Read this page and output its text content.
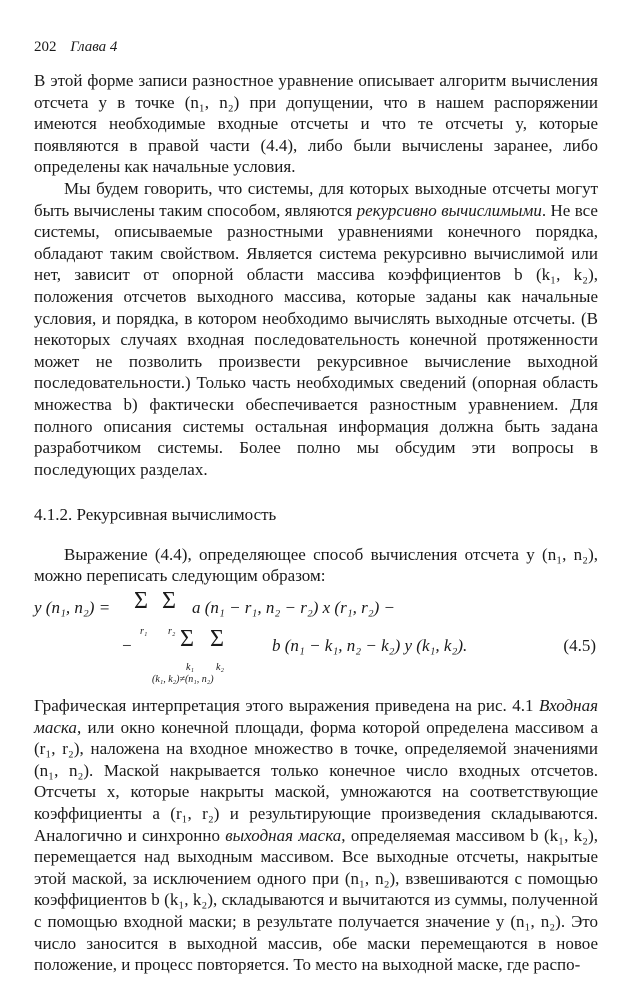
202 Глава 4

В этой форме записи разностное уравнение описывает алгоритм вычисления отсчета y в точке (n₁, n₂) при допущении, что в нашем распоряжении имеются необходимые входные отсчеты и что те отсчеты y, которые появляются в правой части (4.4), либо были вычислены заранее, либо определены как начальные условия.

Мы будем говорить, что системы, для которых выходные отсчеты могут быть вычислены таким способом, являются рекурсивно вычислимыми. Не все системы, описываемые разностными уравнениями конечного порядка, обладают таким свойством. Является система рекурсивно вычислимой или нет, зависит от опорной области массива коэффициентов b (k₁, k₂), положения отсчетов выходного массива, которые заданы как начальные условия, и порядка, в котором необходимо вычислять выходные отсчеты. (В некоторых случаях входная последовательность конечной протяженности может не позволить произвести рекурсивное вычисление выходной последовательности.) Только часть необходимых сведений (опорная область множества b) фактически обеспечивается разностным уравнением. Для полного описания системы остальная информация должна быть задана разработчиком системы. Более полно мы обсудим эти вопросы в последующих разделах.

4.1.2. Рекурсивная вычислимость

Выражение (4.4), определяющее способ вычисления отсчета y (n₁, n₂), можно переписать следующим образом:

y (n₁, n₂) = Σ
r₁
Σ
r₂
a (n₁ − r₁, n₂ − r₂) x (r₁, r₂) −
− Σ
k₁
Σ
k₂
(k₁, k₂)≠(n₁, n₂)
b (n₁ − k₁, n₂ − k₂) y (k₁, k₂).	(4.5)

Графическая интерпретация этого выражения приведена на рис. 4.1 Входная маска, или окно конечной площади, форма которой определена массивом a (r₁, r₂), наложена на входное множество в точке, определяемой значениями (n₁, n₂). Маской накрывается только конечное число входных отсчетов. Отсчеты x, которые накрыты маской, умножаются на соответствующие коэффициенты a (r₁, r₂) и результирующие произведения складываются. Аналогично и синхронно выходная маска, определяемая массивом b (k₁, k₂), перемещается над выходным массивом. Все выходные отсчеты, накрытые этой маской, за исключением одного при (n₁, n₂), взвешиваются с помощью коэффициентов b (k₁, k₂), складываются и вычитаются из суммы, полученной с помощью входной маски; в результате получается значение y (n₁, n₂). Это число заносится в выходной массив, обе маски перемещаются в новое положение, и процесс повторяется. То место на выходной маске, где распо-
